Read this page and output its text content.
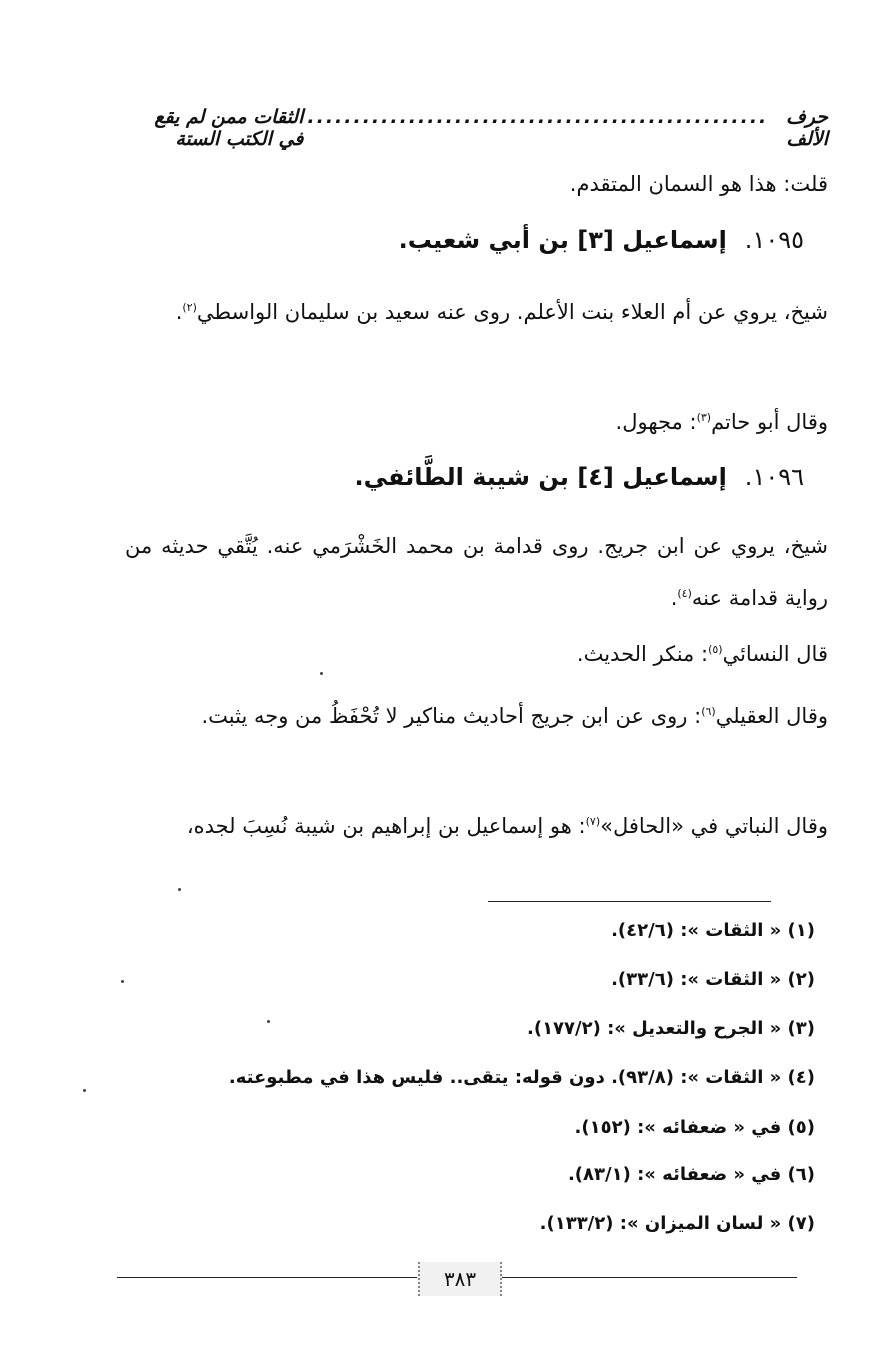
حرف الألف
..................................................
الثقات ممن لم يقع في الكتب الستة
قلت: هذا هو السمان المتقدم.
١٠٩٥.
إسماعيل [٣] بن أبي شعيب.
شيخ، يروي عن أم العلاء بنت الأعلم. روى عنه سعيد بن سليمان الواسطي$^{(٢)}$.
وقال أبو حاتم$^{(٣)}$: مجهول.
١٠٩٦.
إسماعيل [٤] بن شيبة الطَّائفي.
شيخ، يروي عن ابن جريج. روى قدامة بن محمد الخَشْرَمي عنه. يُتَّقي حديثه من رواية قدامة عنه$^{(٤)}$.
قال النسائي$^{(٥)}$: منكر الحديث.
وقال العقيلي$^{(٦)}$: روى عن ابن جريج أحاديث مناكير لا تُحْفَظُ من وجه يثبت.
وقال النباتي في «الحافل»$^{(٧)}$: هو إسماعيل بن إبراهيم بن شيبة نُسِبَ لجده،
(١) « الثقات »: (٤٢/٦).
(٢) « الثقات »: (٣٣/٦).
(٣) « الجرح والتعديل »: (١٧٧/٢).
(٤) « الثقات »: (٩٣/٨). دون قوله: يتقى.. فليس هذا في مطبوعته.
(٥) في « ضعفائه »: (١٥٢).
(٦) في « ضعفائه »: (٨٣/١).
(٧) « لسان الميزان »: (١٣٣/٢).
٣٨٣
